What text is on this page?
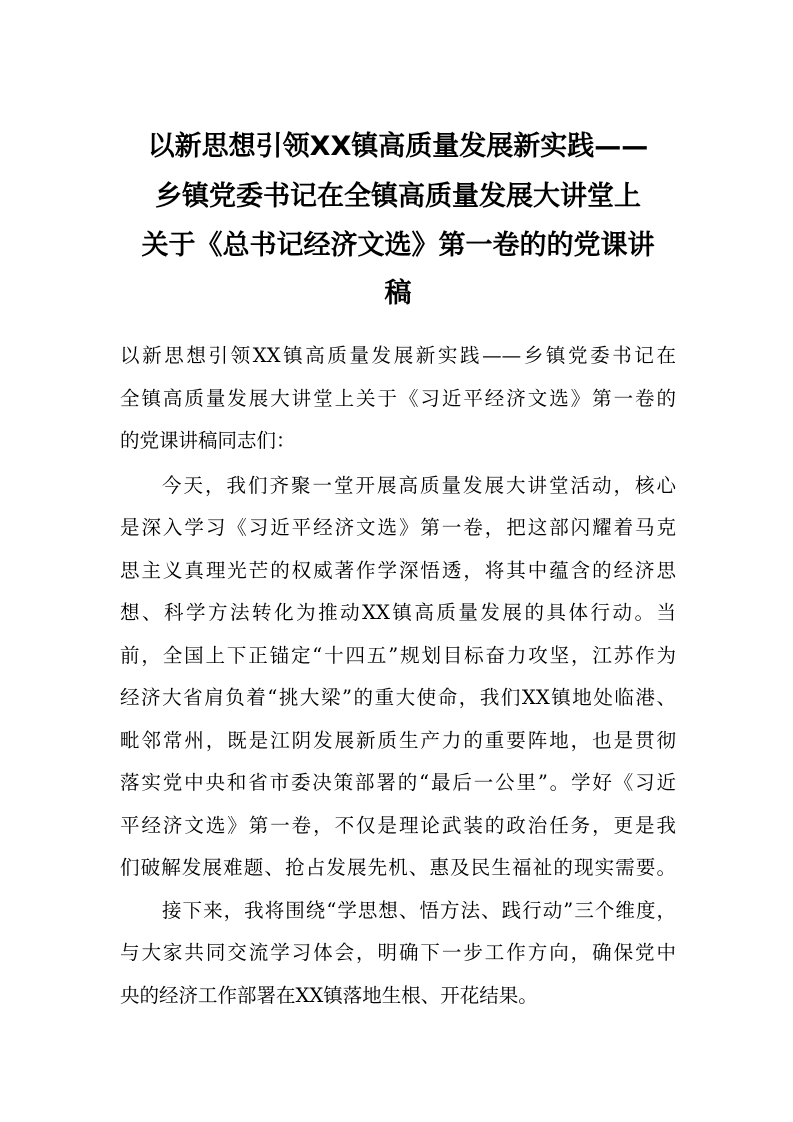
以新思想引领XX镇高质量发展新实践——
乡镇党委书记在全镇高质量发展大讲堂上
关于《总书记经济文选》第一卷的的党课讲
稿
以新思想引领XX镇高质量发展新实践——乡镇党委书记在
全镇高质量发展大讲堂上关于《习近平经济文选》第一卷的
的党课讲稿同志们：
今天，我们齐聚一堂开展高质量发展大讲堂活动，核心
是深入学习《习近平经济文选》第一卷，把这部闪耀着马克
思主义真理光芒的权威著作学深悟透，将其中蕴含的经济思
想、科学方法转化为推动XX镇高质量发展的具体行动。当
前，全国上下正锚定“十四五”规划目标奋力攻坚，江苏作为
经济大省肩负着“挑大梁”的重大使命，我们XX镇地处临港、
毗邻常州，既是江阴发展新质生产力的重要阵地，也是贯彻
落实党中央和省市委决策部署的“最后一公里”。学好《习近
平经济文选》第一卷，不仅是理论武装的政治任务，更是我
们破解发展难题、抢占发展先机、惠及民生福祉的现实需要。
接下来，我将围绕“学思想、悟方法、践行动”三个维度，
与大家共同交流学习体会，明确下一步工作方向，确保党中
央的经济工作部署在XX镇落地生根、开花结果。
